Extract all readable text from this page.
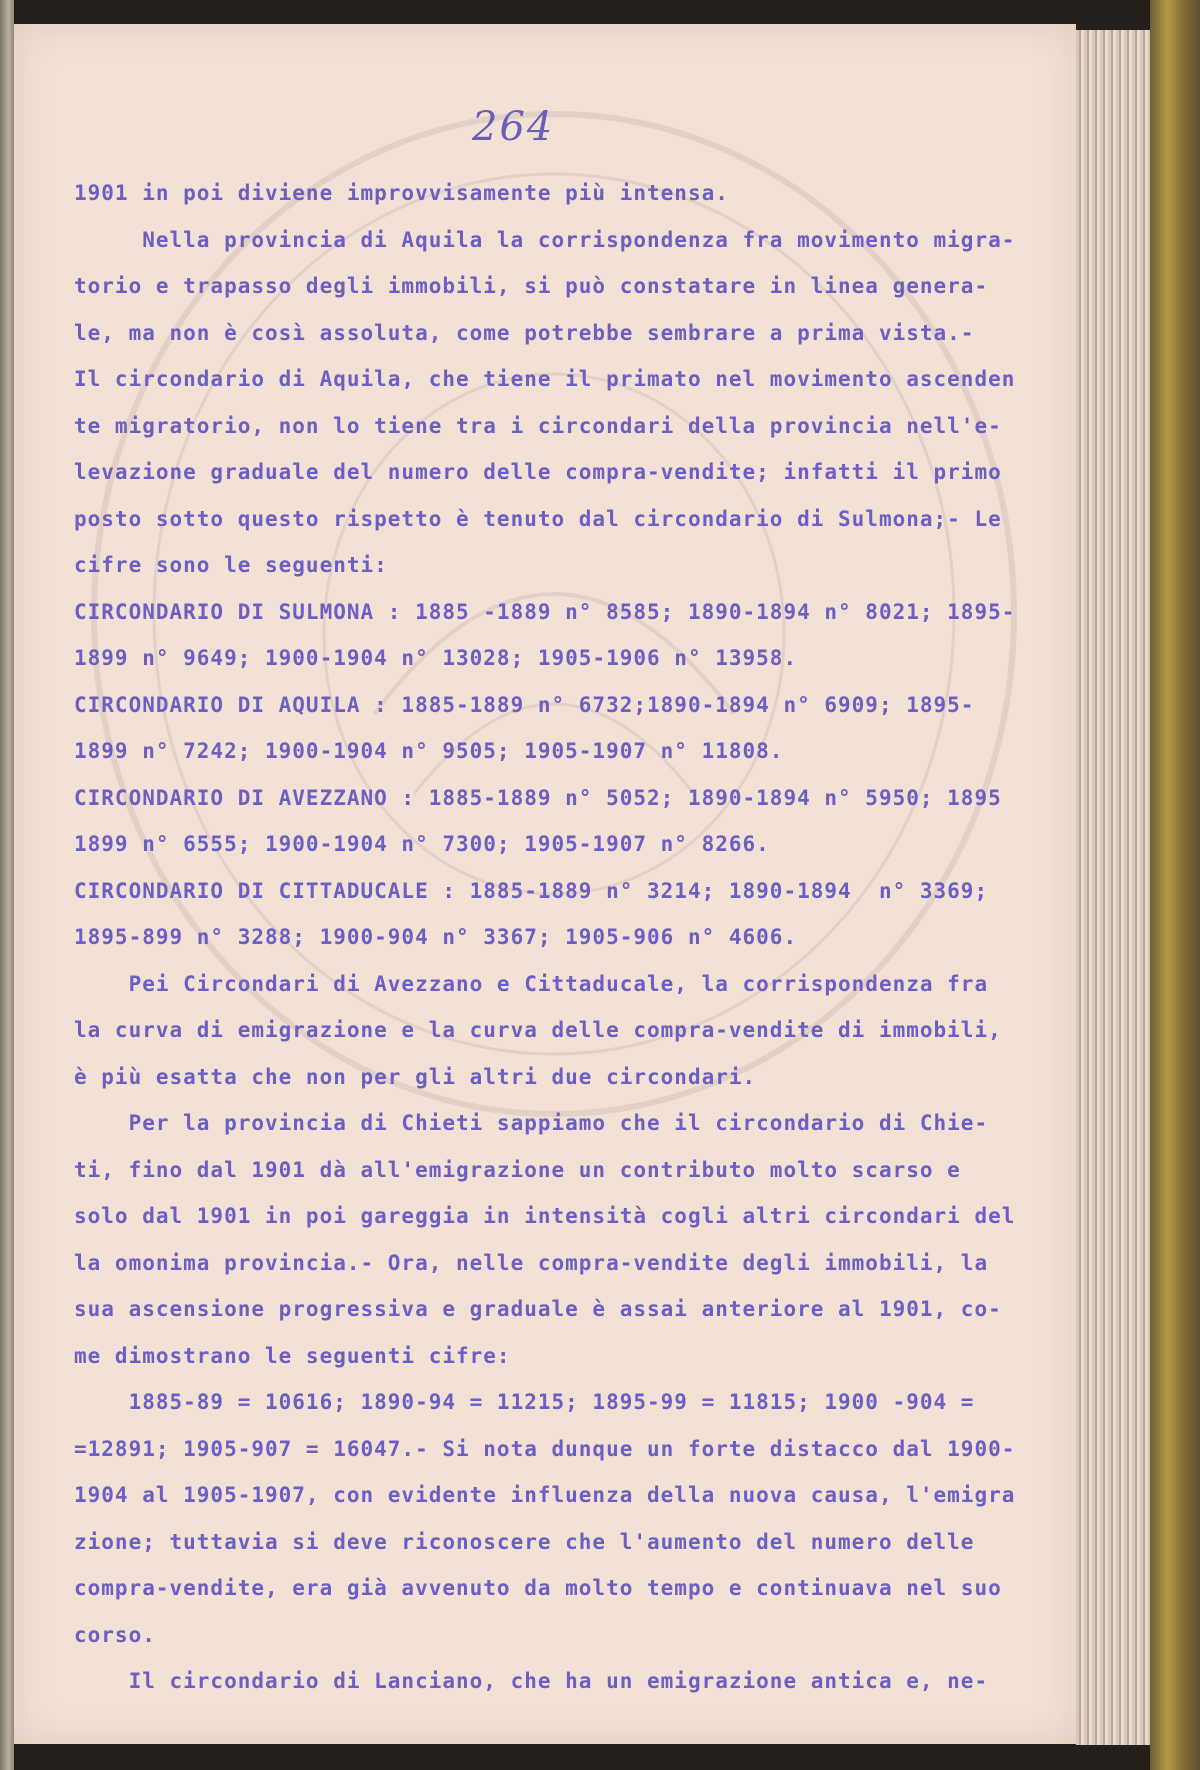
264
1901 in poi diviene improvvisamente più intensa.
Nella provincia di Aquila la corrispondenza fra movimento migra-
torio e trapasso degli immobili, si può constatare in linea genera-
le, ma non è così assoluta, come potrebbe sembrare a prima vista.-
Il circondario di Aquila, che tiene il primato nel movimento ascenden
te migratorio, non lo tiene tra i circondari della provincia nell'e-
levazione graduale del numero delle compra-vendite; infatti il primo
posto sotto questo rispetto è tenuto dal circondario di Sulmona;- Le
cifre sono le seguenti:
CIRCONDARIO DI SULMONA : 1885 -1889 n° 8585; 1890-1894 n° 8021; 1895-
1899 n° 9649; 1900-1904 n° 13028; 1905-1906 n° 13958.
CIRCONDARIO DI AQUILA : 1885-1889 n° 6732;1890-1894 n° 6909; 1895-
1899 n° 7242; 1900-1904 n° 9505; 1905-1907 n° 11808.
CIRCONDARIO DI AVEZZANO : 1885-1889 n° 5052; 1890-1894 n° 5950; 1895
1899 n° 6555; 1900-1904 n° 7300; 1905-1907 n° 8266.
CIRCONDARIO DI CITTADUCALE : 1885-1889 n° 3214; 1890-1894  n° 3369;
1895-899 n° 3288; 1900-904 n° 3367; 1905-906 n° 4606.
Pei Circondari di Avezzano e Cittaducale, la corrispondenza fra
la curva di emigrazione e la curva delle compra-vendite di immobili,
è più esatta che non per gli altri due circondari.
Per la provincia di Chieti sappiamo che il circondario di Chie-
ti, fino dal 1901 dà all'emigrazione un contributo molto scarso e
solo dal 1901 in poi gareggia in intensità cogli altri circondari del
la omonima provincia.- Ora, nelle compra-vendite degli immobili, la
sua ascensione progressiva e graduale è assai anteriore al 1901, co-
me dimostrano le seguenti cifre:
1885-89 = 10616; 1890-94 = 11215; 1895-99 = 11815; 1900 -904 =
=12891; 1905-907 = 16047.- Si nota dunque un forte distacco dal 1900-
1904 al 1905-1907, con evidente influenza della nuova causa, l'emigra
zione; tuttavia si deve riconoscere che l'aumento del numero delle
compra-vendite, era già avvenuto da molto tempo e continuava nel suo
corso.
Il circondario di Lanciano, che ha un emigrazione antica e, ne-
